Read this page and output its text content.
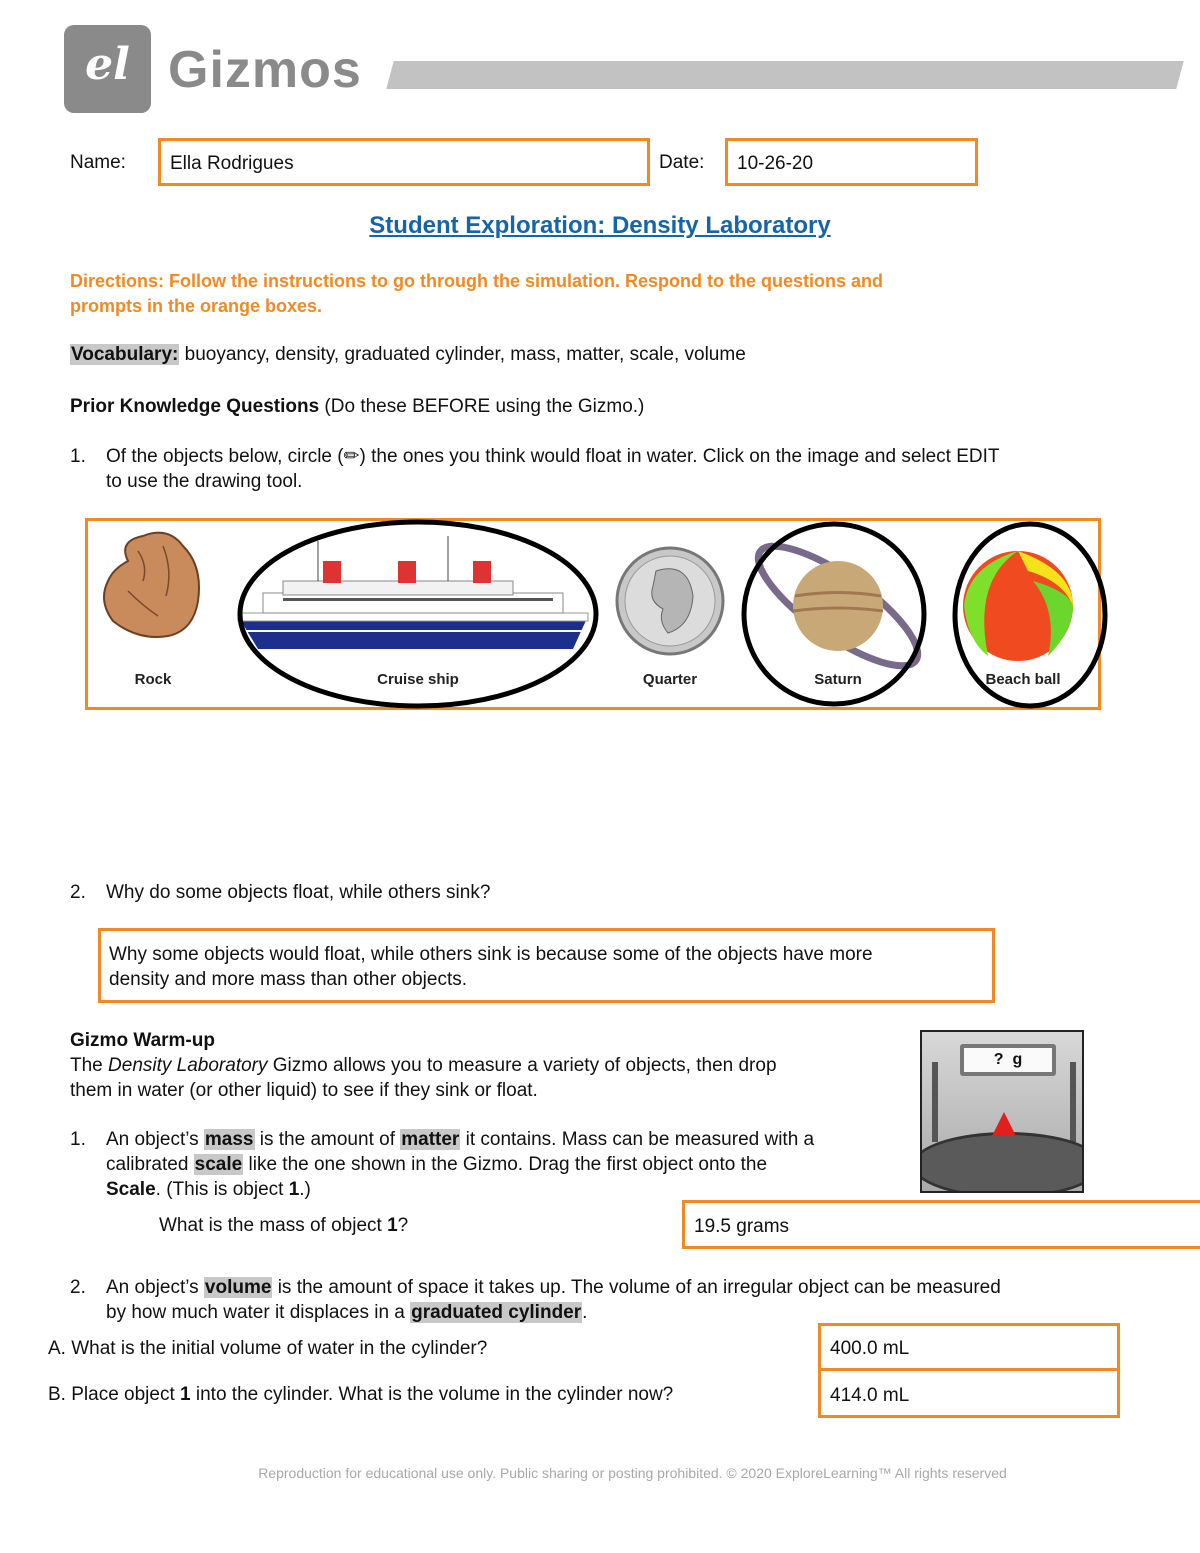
el Gizmos
Name: Ella Rodrigues	Date: 10-26-20
Student Exploration: Density Laboratory
Directions: Follow the instructions to go through the simulation. Respond to the questions and
prompts in the orange boxes.
Vocabulary: buoyancy, density, graduated cylinder, mass, matter, scale, volume
Prior Knowledge Questions (Do these BEFORE using the Gizmo.)
1. Of the objects below, circle (✏) the ones you think would float in water. Click on the image and select EDIT
to use the drawing tool.
Rock	Cruise ship	Quarter	Saturn	Beach ball
2. Why do some objects float, while others sink?
Why some objects would float, while others sink is because some of the objects have more
density and more mass than other objects.
Gizmo Warm-up
The Density Laboratory Gizmo allows you to measure a variety of objects, then drop
them in water (or other liquid) to see if they sink or float.
?  g
1. An object’s mass is the amount of matter it contains. Mass can be measured with a
calibrated scale like the one shown in the Gizmo. Drag the first object onto the
Scale. (This is object 1.)
What is the mass of object 1?	19.5 grams
2. An object’s volume is the amount of space it takes up. The volume of an irregular object can be measured
by how much water it displaces in a graduated cylinder.
A. What is the initial volume of water in the cylinder?	400.0 mL
B. Place object 1 into the cylinder. What is the volume in the cylinder now?	414.0 mL
Reproduction for educational use only. Public sharing or posting prohibited. © 2020 ExploreLearning™ All rights reserved
